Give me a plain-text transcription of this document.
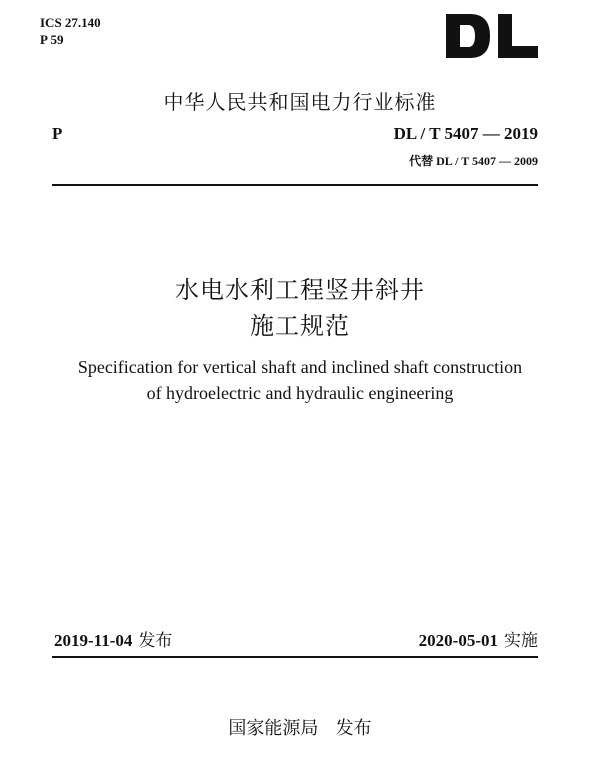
ICS 27.140
P 59
中华人民共和国电力行业标准
P	DL / T 5407 — 2019
代替 DL / T 5407 — 2009
水电水利工程竖井斜井
施工规范
Specification for vertical shaft and inclined shaft construction
of hydroelectric and hydraulic engineering
2019-11-04 发布	2020-05-01 实施
国家能源局   发布
